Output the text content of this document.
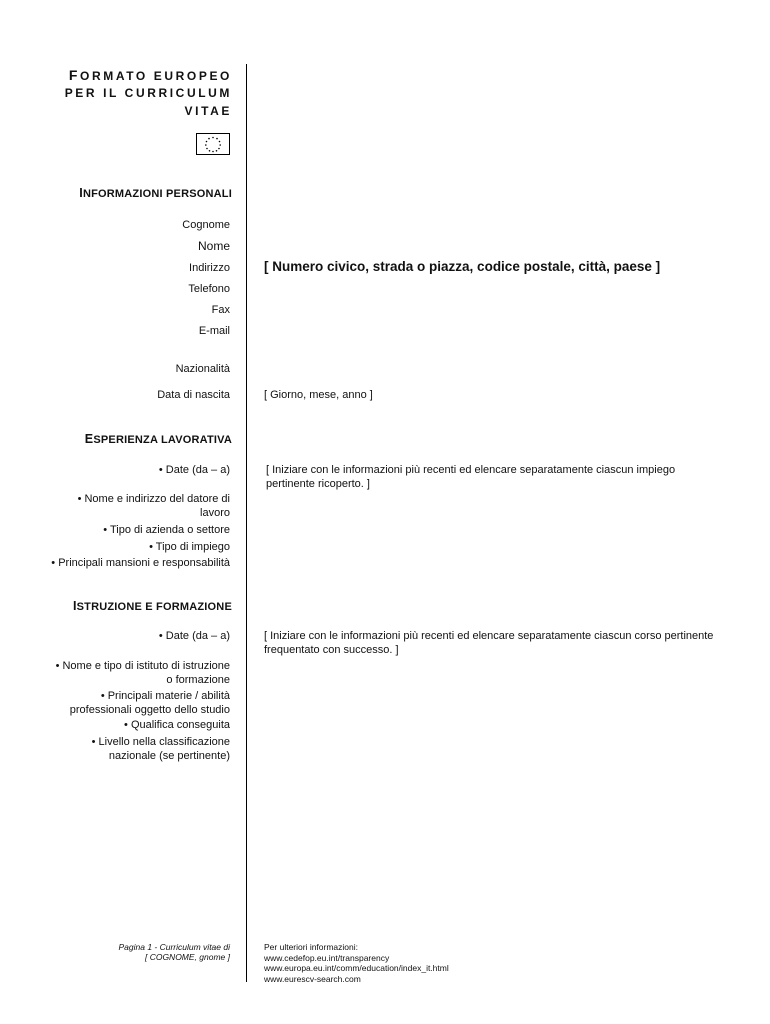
FORMATO EUROPEO
PER IL CURRICULUM
VITAE
INFORMAZIONI PERSONALI
Cognome
Nome
Indirizzo	[ Numero civico, strada o piazza, codice postale, città, paese ]
Telefono
Fax
E-mail
Nazionalità
Data di nascita	[ Giorno, mese, anno ]
ESPERIENZA LAVORATIVA
• Date (da – a)	[ Iniziare con le informazioni più recenti ed elencare separatamente ciascun impiego pertinente ricoperto. ]
• Nome e indirizzo del datore di lavoro
• Tipo di azienda o settore
• Tipo di impiego
• Principali mansioni e responsabilità
ISTRUZIONE E FORMAZIONE
• Date (da – a)	[ Iniziare con le informazioni più recenti ed elencare separatamente ciascun corso pertinente frequentato con successo. ]
• Nome e tipo di istituto di istruzione o formazione
• Principali materie / abilità professionali oggetto dello studio
• Qualifica conseguita
• Livello nella classificazione nazionale (se pertinente)
Pagina 1 - Curriculum vitae di
[ COGNOME, gnome ]
Per ulteriori informazioni:
www.cedefop.eu.int/transparency
www.europa.eu.int/comm/education/index_it.html
www.eurescv-search.com
